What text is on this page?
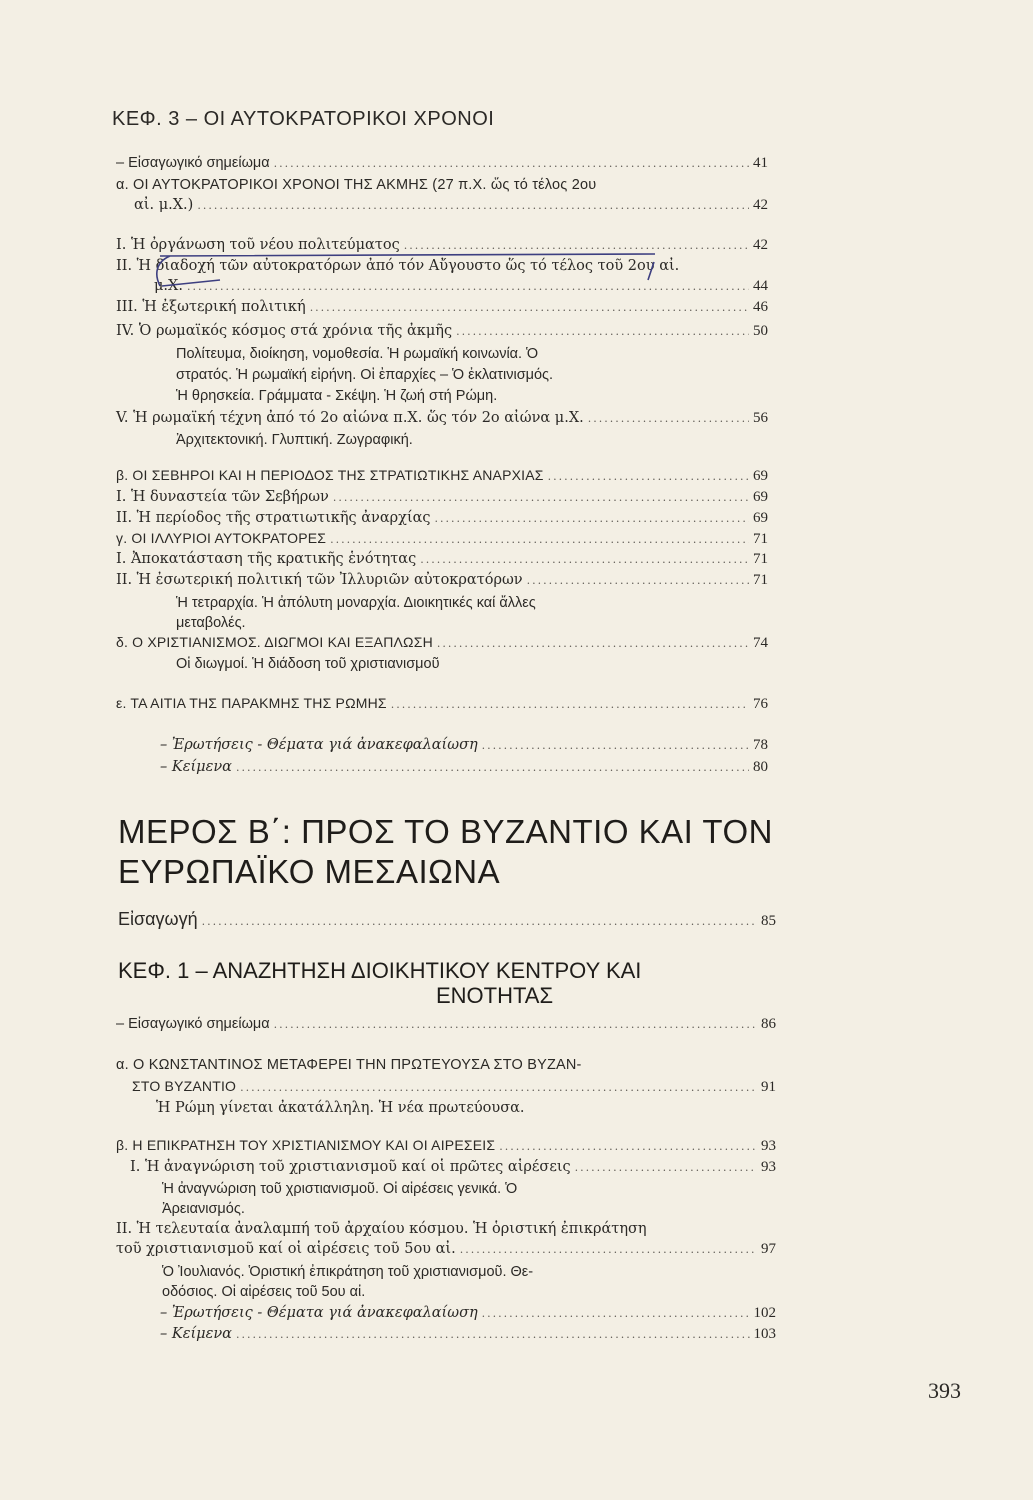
ΚΕΦ. 3 – ΟΙ ΑΥΤΟΚΡΑΤΟΡΙΚΟΙ ΧΡΟΝΟΙ
– Εἰσαγωγικό σημείωμα .....	41
α. ΟΙ ΑΥΤΟΚΡΑΤΟΡΙΚΟΙ ΧΡΟΝΟΙ ΤΗΣ ΑΚΜΗΣ (27 π.Χ. ὥς τό τέλος 2ου
αἰ. μ.Χ.) .....	42
I. Ἡ ὀργάνωση τοῦ νέου πολιτεύματος .....	42
II. Ἡ διαδοχή τῶν αὐτοκρατόρων ἀπό τόν Αὔγουστο ὥς τό τέλος τοῦ 2ου αἰ.
μ.Χ. .....	44
III. Ἡ ἐξωτερική πολιτική .....	46
IV. Ὁ ρωμαϊκός κόσμος στά χρόνια τῆς ἀκμῆς .....	50
Πολίτευμα, διοίκηση, νομοθεσία. Ἡ ρωμαϊκή κοινωνία. Ὁ
στρατός. Ἡ ρωμαϊκή εἰρήνη. Οἱ ἐπαρχίες – Ὁ ἐκλατινισμός.
Ἡ θρησκεία. Γράμματα - Σκέψη. Ἡ ζωή στή Ρώμη.
V. Ἡ ρωμαϊκή τέχνη ἀπό τό 2ο αἰώνα π.Χ. ὥς τόν 2ο αἰώνα μ.Χ. .....	56
Ἀρχιτεκτονική. Γλυπτική. Ζωγραφική.
β. ΟΙ ΣΕΒΗΡΟΙ ΚΑΙ Η ΠΕΡΙΟΔΟΣ ΤΗΣ ΣΤΡΑΤΙΩΤΙΚΗΣ ΑΝΑΡΧΙΑΣ .....	69
I. Ἡ δυναστεία τῶν Σεβήρων .....	69
II. Ἡ περίοδος τῆς στρατιωτικῆς ἀναρχίας .....	69
γ. ΟΙ ΙΛΛΥΡΙΟΙ ΑΥΤΟΚΡΑΤΟΡΕΣ .....	71
I. Ἀποκατάσταση τῆς κρατικῆς ἑνότητας .....	71
II. Ἡ ἐσωτερική πολιτική τῶν Ἰλλυριῶν αὐτοκρατόρων .....	71
Ἡ τετραρχία. Ἡ ἀπόλυτη μοναρχία. Διοικητικές καί ἄλλες
μεταβολές.
δ. Ο ΧΡΙΣΤΙΑΝΙΣΜΟΣ. ΔΙΩΓΜΟΙ ΚΑΙ ΕΞΑΠΛΩΣΗ .....	74
Οἱ διωγμοί. Ἡ διάδοση τοῦ χριστιανισμοῦ
ε. ΤΑ ΑΙΤΙΑ ΤΗΣ ΠΑΡΑΚΜΗΣ ΤΗΣ ΡΩΜΗΣ .....	76
– Ἐρωτήσεις - Θέματα γιά ἀνακεφαλαίωση .....	78
– Κείμενα .....	80
ΜΕΡΟΣ Β΄: ΠΡΟΣ ΤΟ ΒΥΖΑΝΤΙΟ ΚΑΙ ΤΟΝ
ΕΥΡΩΠΑΪΚΟ ΜΕΣΑΙΩΝΑ
Εἰσαγωγή .....	85
ΚΕΦ. 1 – ΑΝΑΖΗΤΗΣΗ ΔΙΟΙΚΗΤΙΚΟΥ ΚΕΝΤΡΟΥ ΚΑΙ
ΕΝΟΤΗΤΑΣ
– Εἰσαγωγικό σημείωμα .....	86
α. Ο ΚΩΝΣΤΑΝΤΙΝΟΣ ΜΕΤΑΦΕΡΕΙ ΤΗΝ ΠΡΩΤΕΥΟΥΣΑ ΣΤΟ ΒΥΖΑΝ-
ΣΤΟ ΒΥΖΑΝΤΙΟ .....	91
Ἡ Ρώμη γίνεται ἀκατάλληλη. Ἡ νέα πρωτεύουσα.
β. Η ΕΠΙΚΡΑΤΗΣΗ ΤΟΥ ΧΡΙΣΤΙΑΝΙΣΜΟΥ ΚΑΙ ΟΙ ΑΙΡΕΣΕΙΣ .....	93
I. Ἡ ἀναγνώριση τοῦ χριστιανισμοῦ καί οἱ πρῶτες αἱρέσεις .....	93
Ἡ ἀναγνώριση τοῦ χριστιανισμοῦ. Οἱ αἱρέσεις γενικά. Ὁ
Ἀρειανισμός.
II. Ἡ τελευταία ἀναλαμπή τοῦ ἀρχαίου κόσμου. Ἡ ὁριστική ἐπικράτηση
τοῦ χριστιανισμοῦ καί οἱ αἱρέσεις τοῦ 5ου αἰ. .....	97
Ὁ Ἰουλιανός. Ὁριστική ἐπικράτηση τοῦ χριστιανισμοῦ. Θε-
οδόσιος. Οἱ αἱρέσεις τοῦ 5ου αἰ.
– Ἐρωτήσεις - Θέματα γιά ἀνακεφαλαίωση .....	102
– Κείμενα .....	103
393
